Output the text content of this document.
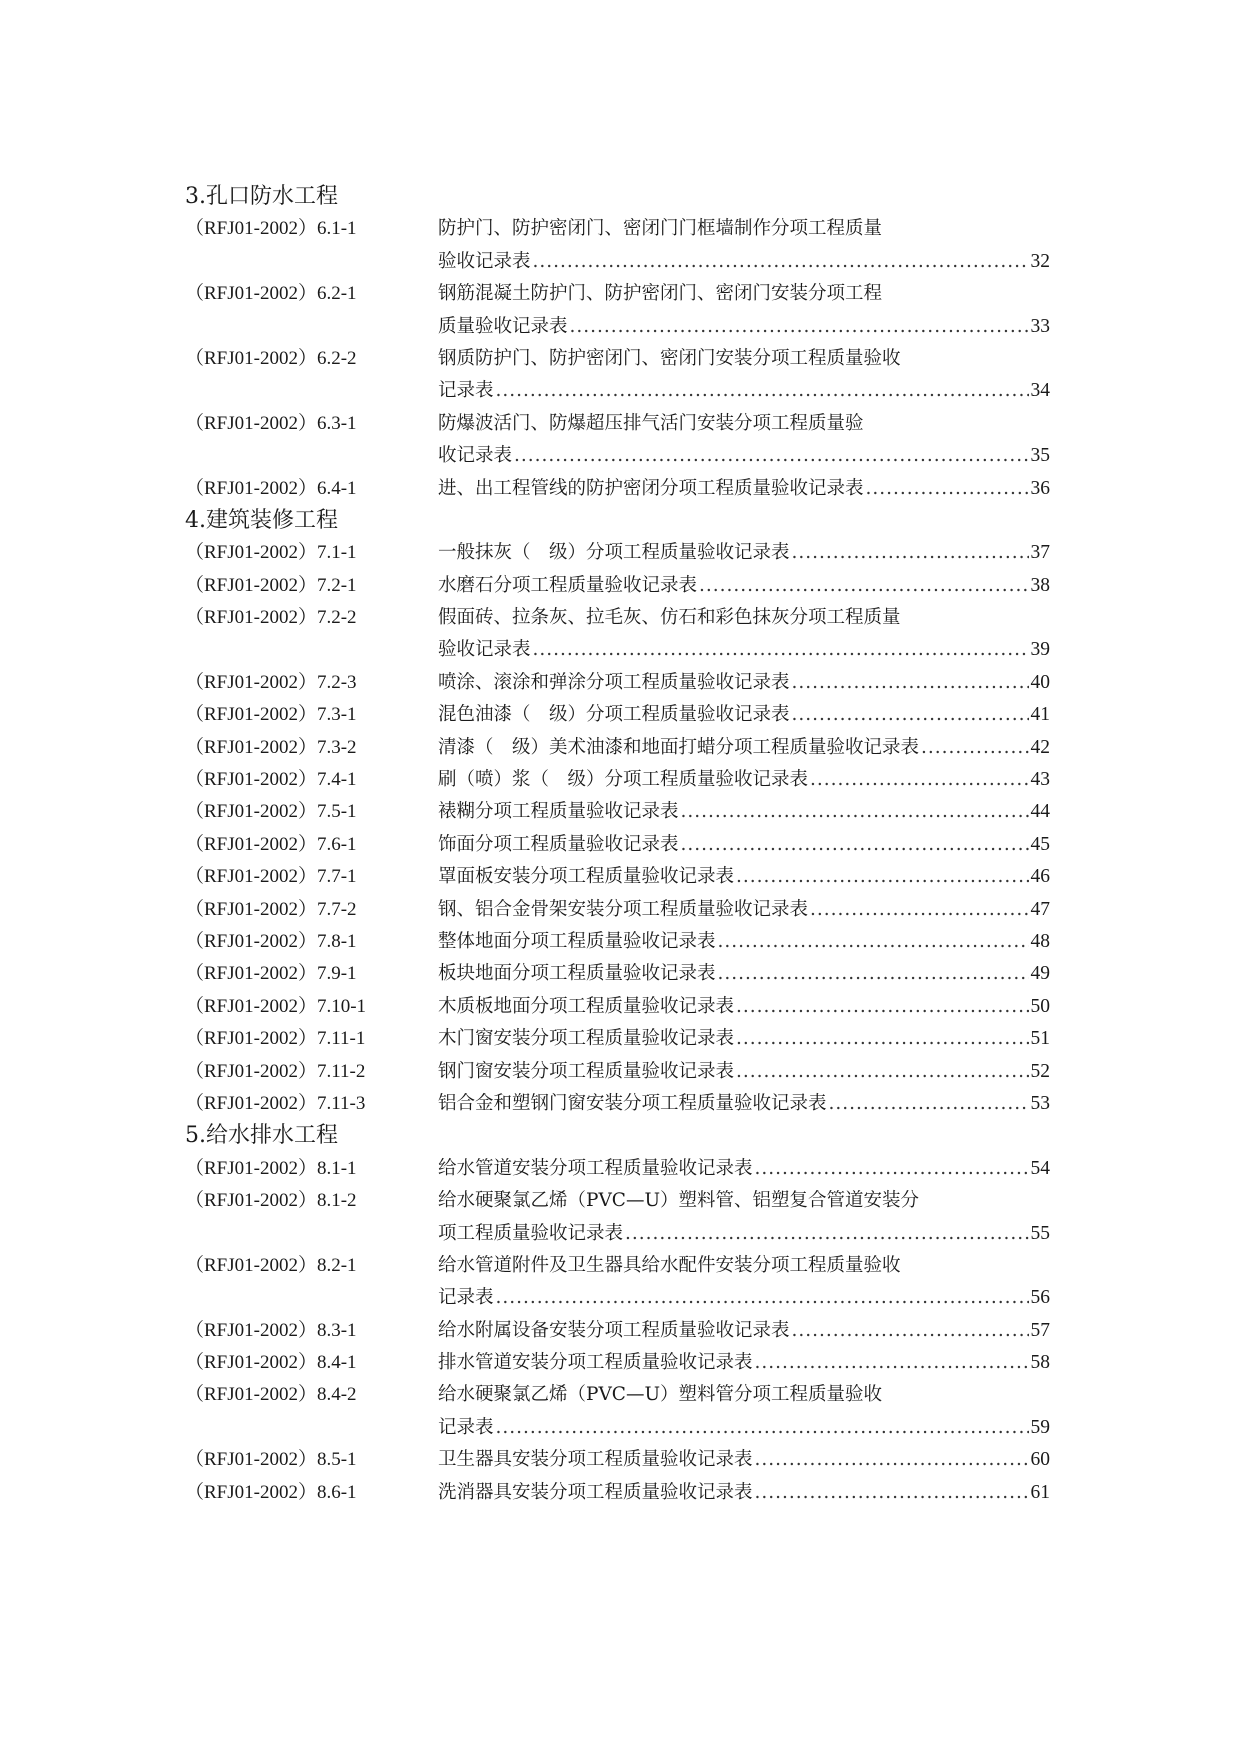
3.孔口防水工程
（RFJ01-2002）6.1-1	防护门、防护密闭门、密闭门门框墙制作分项工程质量
验收记录表 .....	32
（RFJ01-2002）6.2-1	钢筋混凝土防护门、防护密闭门、密闭门安装分项工程
质量验收记录表 .....	33
（RFJ01-2002）6.2-2	钢质防护门、防护密闭门、密闭门安装分项工程质量验收
记录表 .....	34
（RFJ01-2002）6.3-1	防爆波活门、防爆超压排气活门安装分项工程质量验
收记录表 .....	35
（RFJ01-2002）6.4-1	进、出工程管线的防护密闭分项工程质量验收记录表 .....	36
4.建筑装修工程
（RFJ01-2002）7.1-1	一般抹灰（　级）分项工程质量验收记录表 .....	37
（RFJ01-2002）7.2-1	水磨石分项工程质量验收记录表 .....	38
（RFJ01-2002）7.2-2	假面砖、拉条灰、拉毛灰、仿石和彩色抹灰分项工程质量
验收记录表 .....	39
（RFJ01-2002）7.2-3	喷涂、滚涂和弹涂分项工程质量验收记录表 .....	40
（RFJ01-2002）7.3-1	混色油漆（　级）分项工程质量验收记录表 .....	41
（RFJ01-2002）7.3-2	清漆（　级）美术油漆和地面打蜡分项工程质量验收记录表 .....	42
（RFJ01-2002）7.4-1	刷（喷）浆（　级）分项工程质量验收记录表 .....	43
（RFJ01-2002）7.5-1	裱糊分项工程质量验收记录表 .....	44
（RFJ01-2002）7.6-1	饰面分项工程质量验收记录表 .....	45
（RFJ01-2002）7.7-1	罩面板安装分项工程质量验收记录表 .....	46
（RFJ01-2002）7.7-2	钢、铝合金骨架安装分项工程质量验收记录表 .....	47
（RFJ01-2002）7.8-1	整体地面分项工程质量验收记录表 .....	48
（RFJ01-2002）7.9-1	板块地面分项工程质量验收记录表 .....	49
（RFJ01-2002）7.10-1	木质板地面分项工程质量验收记录表 .....	50
（RFJ01-2002）7.11-1	木门窗安装分项工程质量验收记录表 .....	51
（RFJ01-2002）7.11-2	钢门窗安装分项工程质量验收记录表 .....	52
（RFJ01-2002）7.11-3	铝合金和塑钢门窗安装分项工程质量验收记录表 .....	53
5.给水排水工程
（RFJ01-2002）8.1-1	给水管道安装分项工程质量验收记录表 .....	54
（RFJ01-2002）8.1-2	给水硬聚氯乙烯（PVC—U）塑料管、铝塑复合管道安装分
项工程质量验收记录表 .....	55
（RFJ01-2002）8.2-1	给水管道附件及卫生器具给水配件安装分项工程质量验收
记录表 .....	56
（RFJ01-2002）8.3-1	给水附属设备安装分项工程质量验收记录表 .....	57
（RFJ01-2002）8.4-1	排水管道安装分项工程质量验收记录表 .....	58
（RFJ01-2002）8.4-2	给水硬聚氯乙烯（PVC—U）塑料管分项工程质量验收
记录表 .....	59
（RFJ01-2002）8.5-1	卫生器具安装分项工程质量验收记录表 .....	60
（RFJ01-2002）8.6-1	洗消器具安装分项工程质量验收记录表 .....	61
